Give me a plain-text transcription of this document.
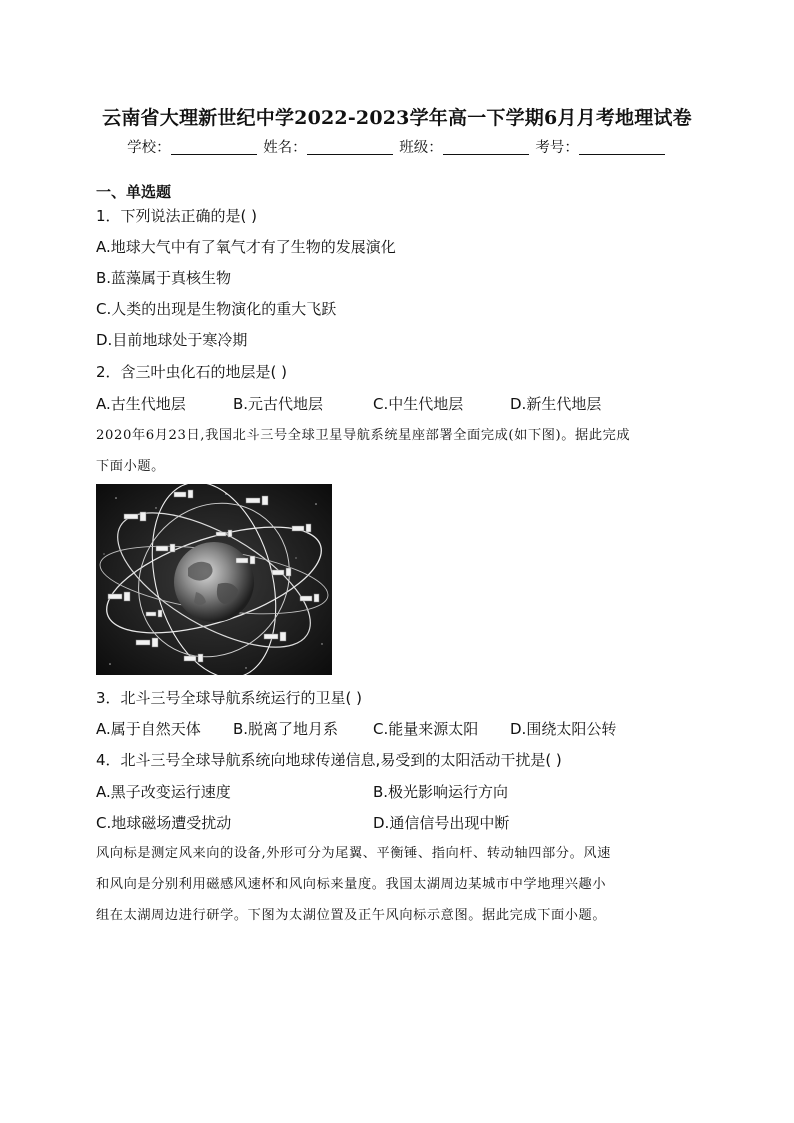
云南省大理新世纪中学2022-2023学年高一下学期6月月考地理试卷
学校：	姓名：	班级：	考号：
一、单选题
1．下列说法正确的是( )
A.地球大气中有了氧气才有了生物的发展演化
B.蓝藻属于真核生物
C.人类的出现是生物演化的重大飞跃
D.目前地球处于寒冷期
2．含三叶虫化石的地层是( )
A.古生代地层	B.元古代地层	C.中生代地层	D.新生代地层
2020年6月23日,我国北斗三号全球卫星导航系统星座部署全面完成(如下图)。据此完成
下面小题。
3．北斗三号全球导航系统运行的卫星( )
A.属于自然天体 B.脱离了地月系 C.能量来源太阳 D.围绕太阳公转
4．北斗三号全球导航系统向地球传递信息,易受到的太阳活动干扰是( )
A.黑子改变运行速度	B.极光影响运行方向
C.地球磁场遭受扰动	D.通信信号出现中断
风向标是测定风来向的设备,外形可分为尾翼、平衡锤、指向杆、转动轴四部分。风速
和风向是分别利用磁感风速杯和风向标来量度。我国太湖周边某城市中学地理兴趣小
组在太湖周边进行研学。下图为太湖位置及正午风向标示意图。据此完成下面小题。
